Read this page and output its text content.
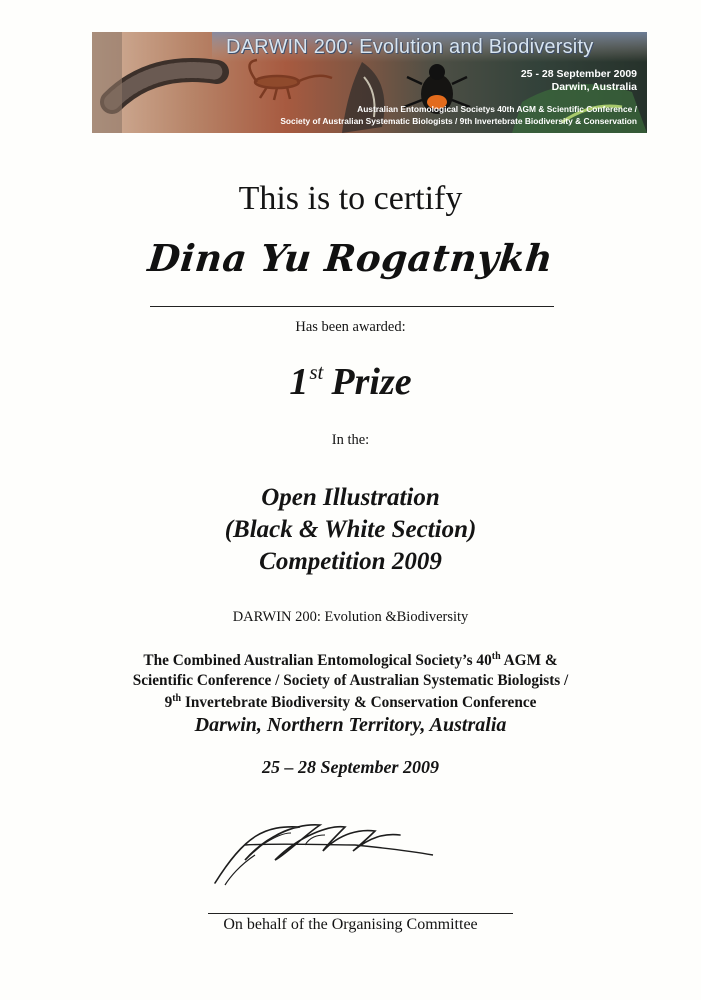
DARWIN 200: Evolution and Biodiversity
25 - 28 September 2009
Darwin, Australia
Australian Entomological Societys 40th AGM & Scientific Conference /
Society of Australian Systematic Biologists / 9th Invertebrate Biodiversity & Conservation
This is to certify
Dina Yu Rogatnykh
Has been awarded:
1st Prize
In the:
Open Illustration
(Black & White Section)
Competition 2009
DARWIN 200: Evolution &Biodiversity
The Combined Australian Entomological Society’s 40th AGM &
Scientific Conference / Society of Australian Systematic Biologists /
9th Invertebrate Biodiversity & Conservation Conference
Darwin, Northern Territory, Australia
25 – 28 September 2009
On behalf of the Organising Committee
